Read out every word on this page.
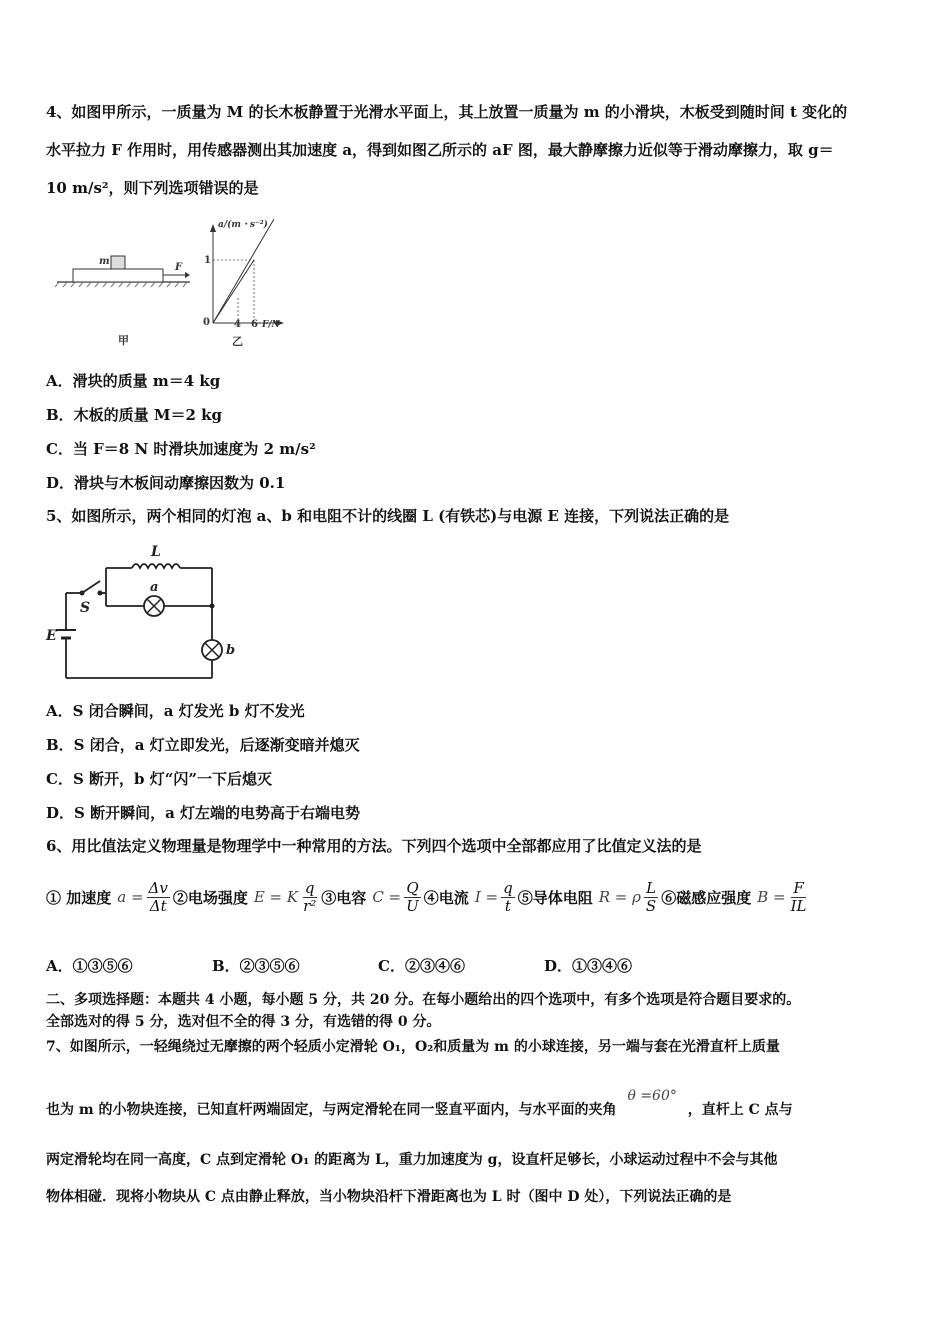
4、如图甲所示，一质量为 M 的长木板静置于光滑水平面上，其上放置一质量为 m 的小滑块，木板受到随时间 t 变化的
水平拉力 F 作用时，用传感器测出其加速度 a，得到如图乙所示的 aF 图，最大静摩擦力近似等于滑动摩擦力，取 g＝
10 m/s²，则下列选项错误的是
m
F
甲
a/(m・s⁻²)
1
0 4 6 F/N
乙
A．滑块的质量 m＝4 kg
B．木板的质量 M＝2 kg
C．当 F＝8 N 时滑块加速度为 2 m/s²
D．滑块与木板间动摩擦因数为 0.1
5、如图所示，两个相同的灯泡 a、b 和电阻不计的线圈 L (有铁芯)与电源 E 连接，下列说法正确的是
L
a
b
S
E
A．S 闭合瞬间，a 灯发光 b 灯不发光
B．S 闭合，a 灯立即发光，后逐渐变暗并熄灭
C．S 断开，b 灯“闪”一下后熄灭
D．S 断开瞬间，a 灯左端的电势高于右端电势
6、用比值法定义物理量是物理学中一种常用的方法。下列四个选项中全部都应用了比值定义法的是
① 加速度 $a = \frac{\Delta v}{\Delta t}$ ②电场强度 E = K $\frac{q}{\text{r²}}$ ③电容 $C = \frac{Q}{U}$ ④电流 $I = \frac{q}{t}$ ⑤导体电阻 R = ρ $\frac{L}{S}$ ⑥磁感应强度 $B = \frac{F}{IL}$
A．①③⑤⑥	B．②③⑤⑥	C．②③④⑥	D．①③④⑥
二、多项选择题：本题共 4 小题，每小题 5 分，共 20 分。在每小题给出的四个选项中，有多个选项是符合题目要求的。
全部选对的得 5 分，选对但不全的得 3 分，有选错的得 0 分。
7、如图所示，一轻绳绕过无摩擦的两个轻质小定滑轮 O₁，O₂和质量为 m 的小球连接，另一端与套在光滑直杆上质量
也为 m 的小物块连接，已知直杆两端固定，与两定滑轮在同一竖直平面内，与水平面的夹角 θ =60° ，直杆上 C 点与
两定滑轮均在同一高度，C 点到定滑轮 O₁ 的距离为 L，重力加速度为 g，设直杆足够长，小球运动过程中不会与其他
物体相碰．现将小物块从 C 点由静止释放，当小物块沿杆下滑距离也为 L 时（图中 D 处），下列说法正确的是
